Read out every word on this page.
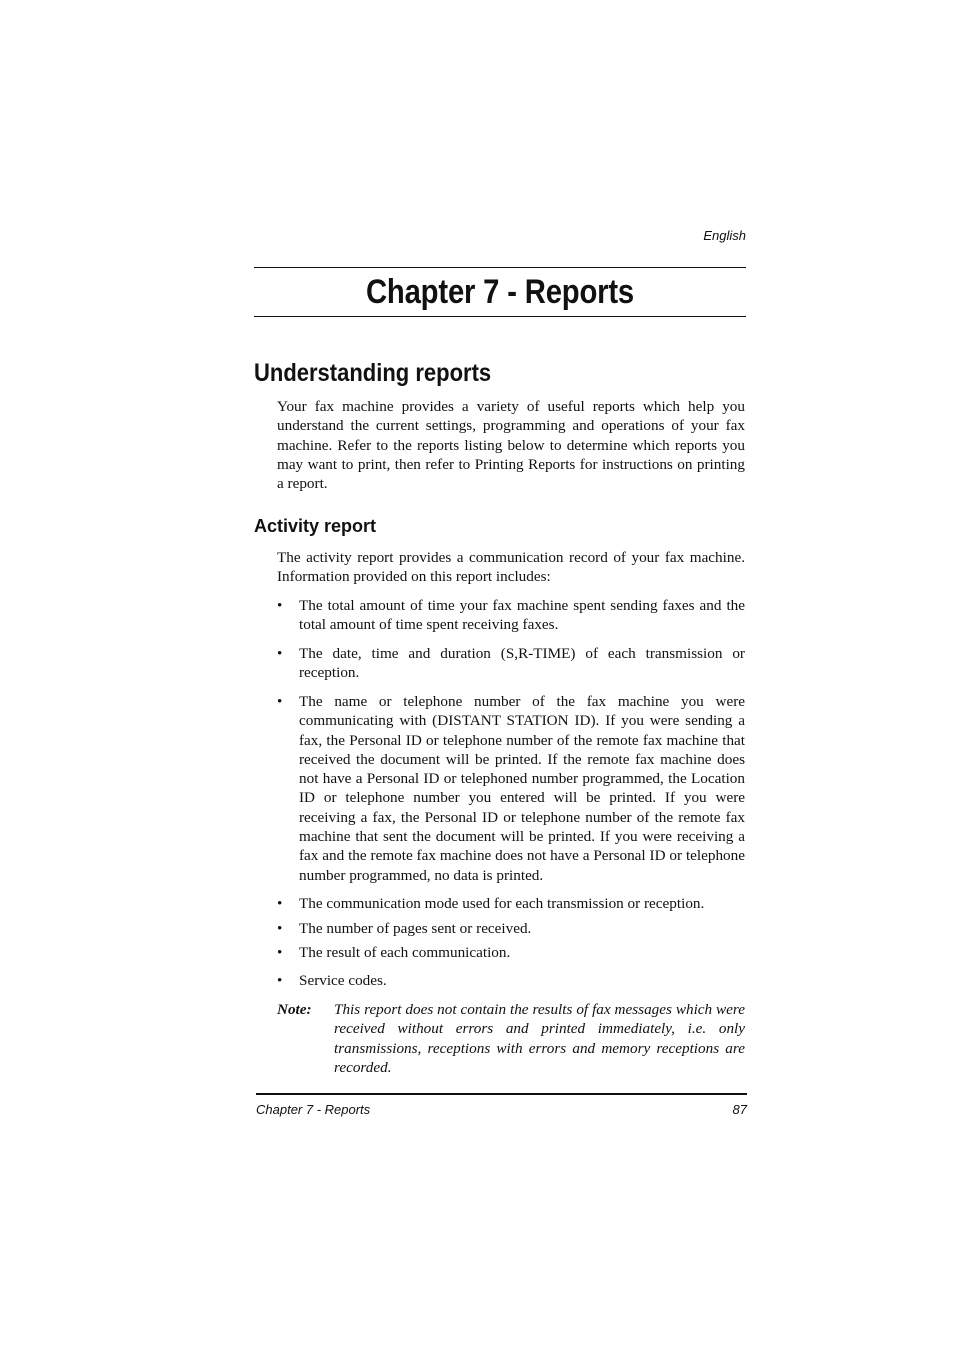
English
Chapter 7 - Reports
Understanding reports

Your fax machine provides a variety of useful reports which help you understand the current settings, programming and operations of your fax machine. Refer to the reports listing below to determine which reports you may want to print, then refer to Printing Reports for instructions on printing a report.

Activity report

The activity report provides a communication record of your fax machine. Information provided on this report includes:

•	The total amount of time your fax machine spent sending faxes and the total amount of time spent receiving faxes.
•	The date, time and duration (S,R-TIME) of each transmission or reception.
•	The name or telephone number of the fax machine you were communicating with (DISTANT STATION ID). If you were sending a fax, the Personal ID or telephone number of the remote fax machine that received the document will be printed. If the remote fax machine does not have a Personal ID or telephoned number programmed, the Location ID or telephone number you entered will be printed. If you were receiving a fax, the Personal ID or telephone number of the remote fax machine that sent the document will be printed. If you were receiving a fax and the remote fax machine does not have a Personal ID or telephone number programmed, no data is printed.
•	The communication mode used for each transmission or reception.
•	The number of pages sent or received.
•	The result of each communication.
•	Service codes.
Note: This report does not contain the results of fax messages which were received without errors and printed immediately, i.e. only transmissions, receptions with errors and memory receptions are recorded.
Chapter 7 - Reports	87
